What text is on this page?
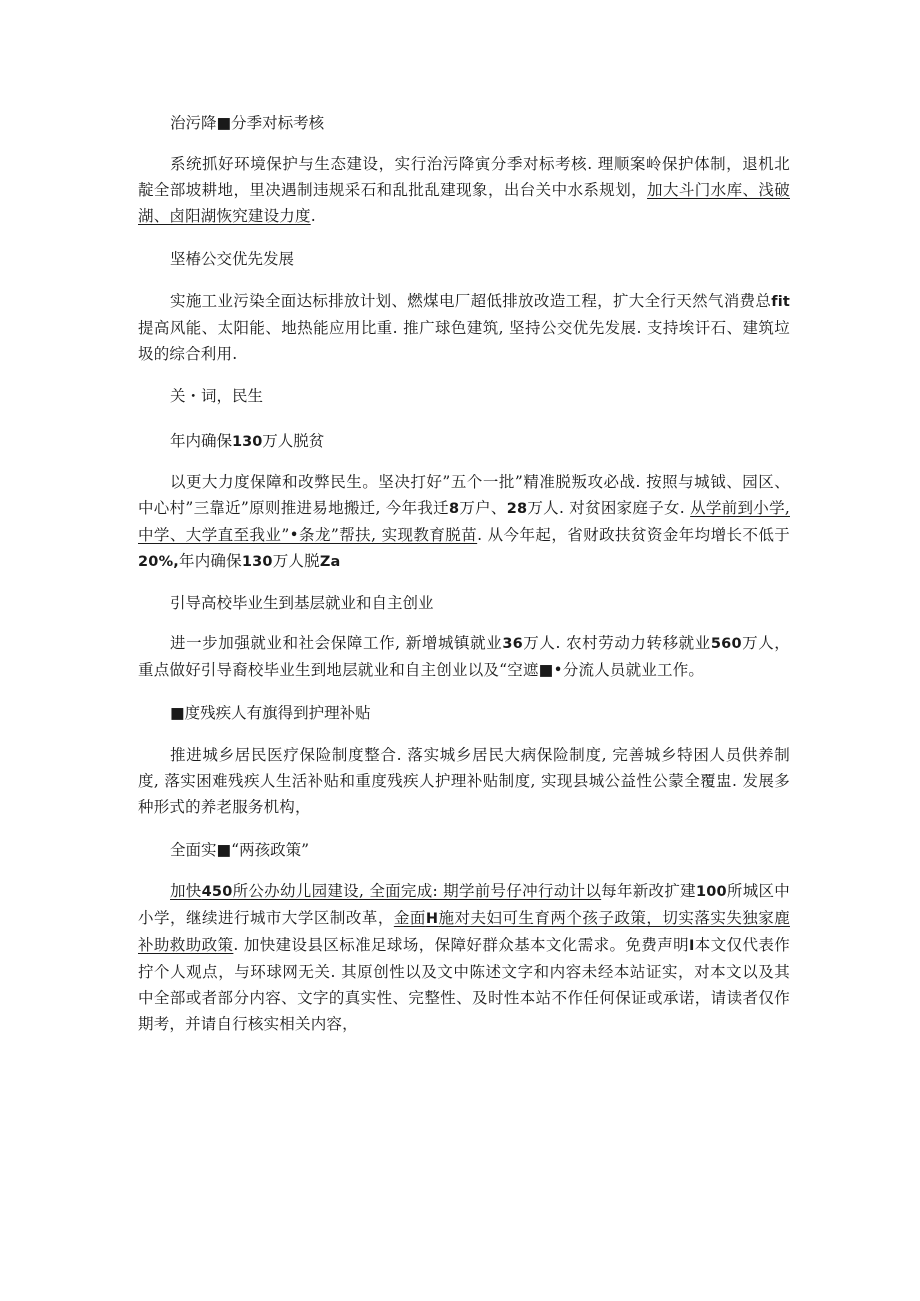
治污降■分季对标考核
系统抓好环境保护与生态建设，实行治污降寅分季对标考核. 理顺案岭保护体制，退机北靛全部坡耕地，里决遇制违规采石和乱批乱建现象，出台关中水系规划，加大斗门水库、浅破湖、卤阳湖恢究建设力度.
坚椿公交优先发展
实施工业污染全面达标排放计划、燃煤电厂超低排放改造工程，扩大全行天然气消费总fit提高风能、太阳能、地热能应用比重. 推广球色建筑, 坚持公交优先发展. 支持埃讦石、建筑垃圾的综合利用.
关・词，民生
年内确保130万人脱贫
以更大力度保障和改弊民生。坚决打好”五个一批”精准脱叛攻必战. 按照与城钺、园区、中心村”三靠近”原则推进易地搬迁, 今年我迁8万户、28万人. 对贫困家庭子女. 从学前到小学, 中学、大学直至我业”•条龙”帮扶, 实现教育脱苗. 从今年起，省财政扶贫资金年均增长不低于20%,年内确保130万人脱Za
引导高校毕业生到基层就业和自主创业
进一步加强就业和社会保障工作, 新增城镇就业36万人. 农村劳动力转移就业560万人，重点做好引导裔校毕业生到地层就业和自主创业以及“空遮■•分流人员就业工作。
■度残疾人有旗得到护理补贴
推进城乡居民医疗保险制度整合. 落实城乡居民大病保险制度, 完善城乡特困人员供养制度, 落实困难残疾人生活补贴和重度残疾人护理补贴制度, 实现县城公益性公蒙全覆盅. 发展多种形式的养老服务机构，
全面实■“两孩政策”
加快450所公办幼儿园建设, 全面完成: 期学前号仔冲行动计以每年新改扩建100所城区中小学，继续进行城市大学区制改革，金面H施对夫妇可生育两个孩子政策，切实落实失独家鹿补助救助政策. 加快建设县区标准足球场，保障好群众基本文化需求。免费声明I本文仅代表作拧个人观点，与环球网无关. 其原创性以及文中陈述文字和内容未经本站证实，对本文以及其中全部或者部分内容、文字的真实性、完整性、及时性本站不作任何保证或承诺，请读者仅作期考，并请自行核实相关内容，
